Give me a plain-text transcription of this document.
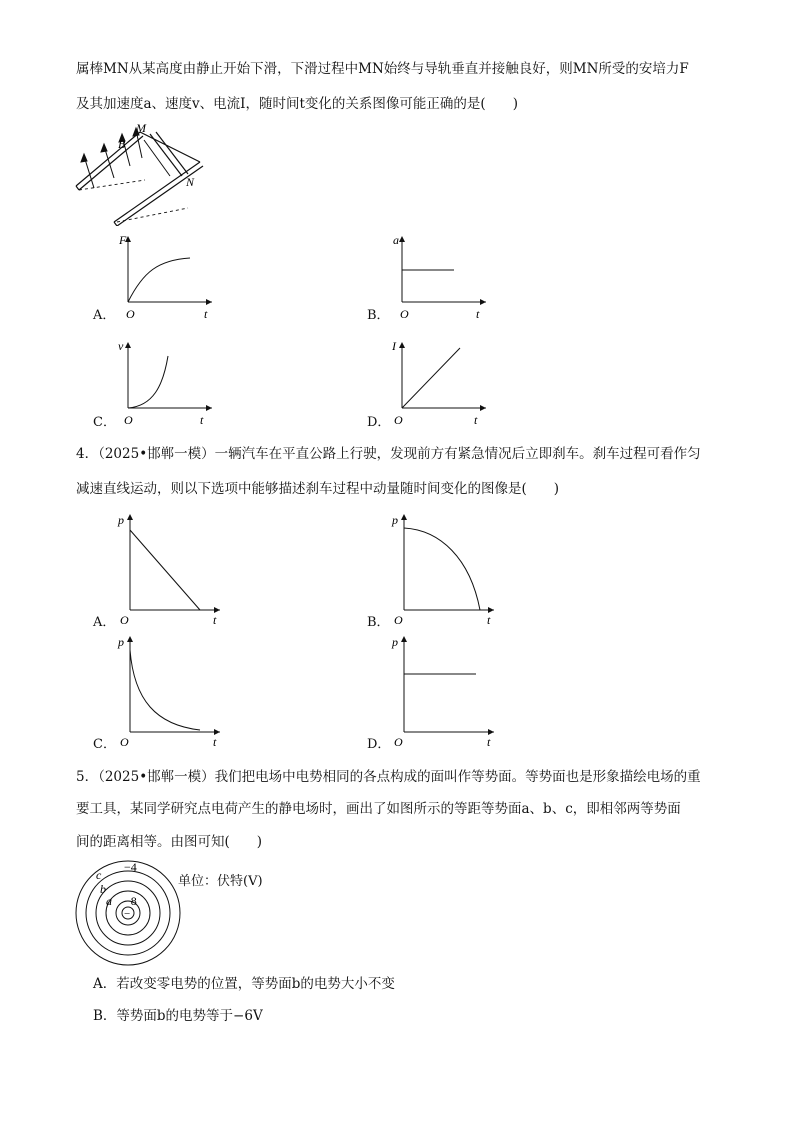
属棒MN从某高度由静止开始下滑，下滑过程中MN始终与导轨垂直并接触良好，则MN所受的安培力F
及其加速度a、速度v、电流I，随时间t变化的关系图像可能正确的是(　　)
M
N
B
F
t
O
A．
a
t
O
B．
v
t
O
C．
I
t
O
D．
4．（2025•邯郸一模）一辆汽车在平直公路上行驶，发现前方有紧急情况后立即刹车。刹车过程可看作匀
减速直线运动，则以下选项中能够描述刹车过程中动量随时间变化的图像是(　　)
p
t
O
A．
p
t
O
B．
p
t
O
C．
p
t
O
D．
5．（2025•邯郸一模）我们把电场中电势相同的各点构成的面叫作等势面。等势面也是形象描绘电场的重
要工具，某同学研究点电荷产生的静电场时，画出了如图所示的等距等势面a、b、c，即相邻两等势面
间的距离相等。由图可知(　　)
−
−4
−8
c
b
a
单位：伏特(V)
A．若改变零电势的位置，等势面b的电势大小不变
B．等势面b的电势等于−6V
